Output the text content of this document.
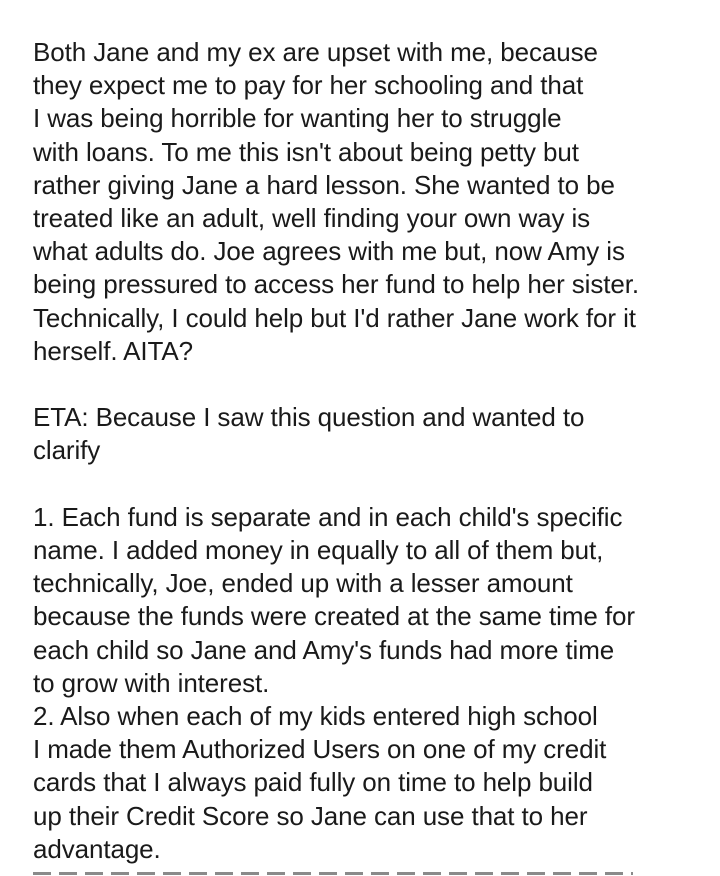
Both Jane and my ex are upset with me, because
they expect me to pay for her schooling and that
I was being horrible for wanting her to struggle
with loans. To me this isn't about being petty but
rather giving Jane a hard lesson. She wanted to be
treated like an adult, well finding your own way is
what adults do. Joe agrees with me but, now Amy is
being pressured to access her fund to help her sister.
Technically, I could help but I'd rather Jane work for it
herself. AITA?

ETA: Because I saw this question and wanted to
clarify

1. Each fund is separate and in each child's specific
name. I added money in equally to all of them but,
technically, Joe, ended up with a lesser amount
because the funds were created at the same time for
each child so Jane and Amy's funds had more time
to grow with interest.
2. Also when each of my kids entered high school
I made them Authorized Users on one of my credit
cards that I always paid fully on time to help build
up their Credit Score so Jane can use that to her
advantage.
